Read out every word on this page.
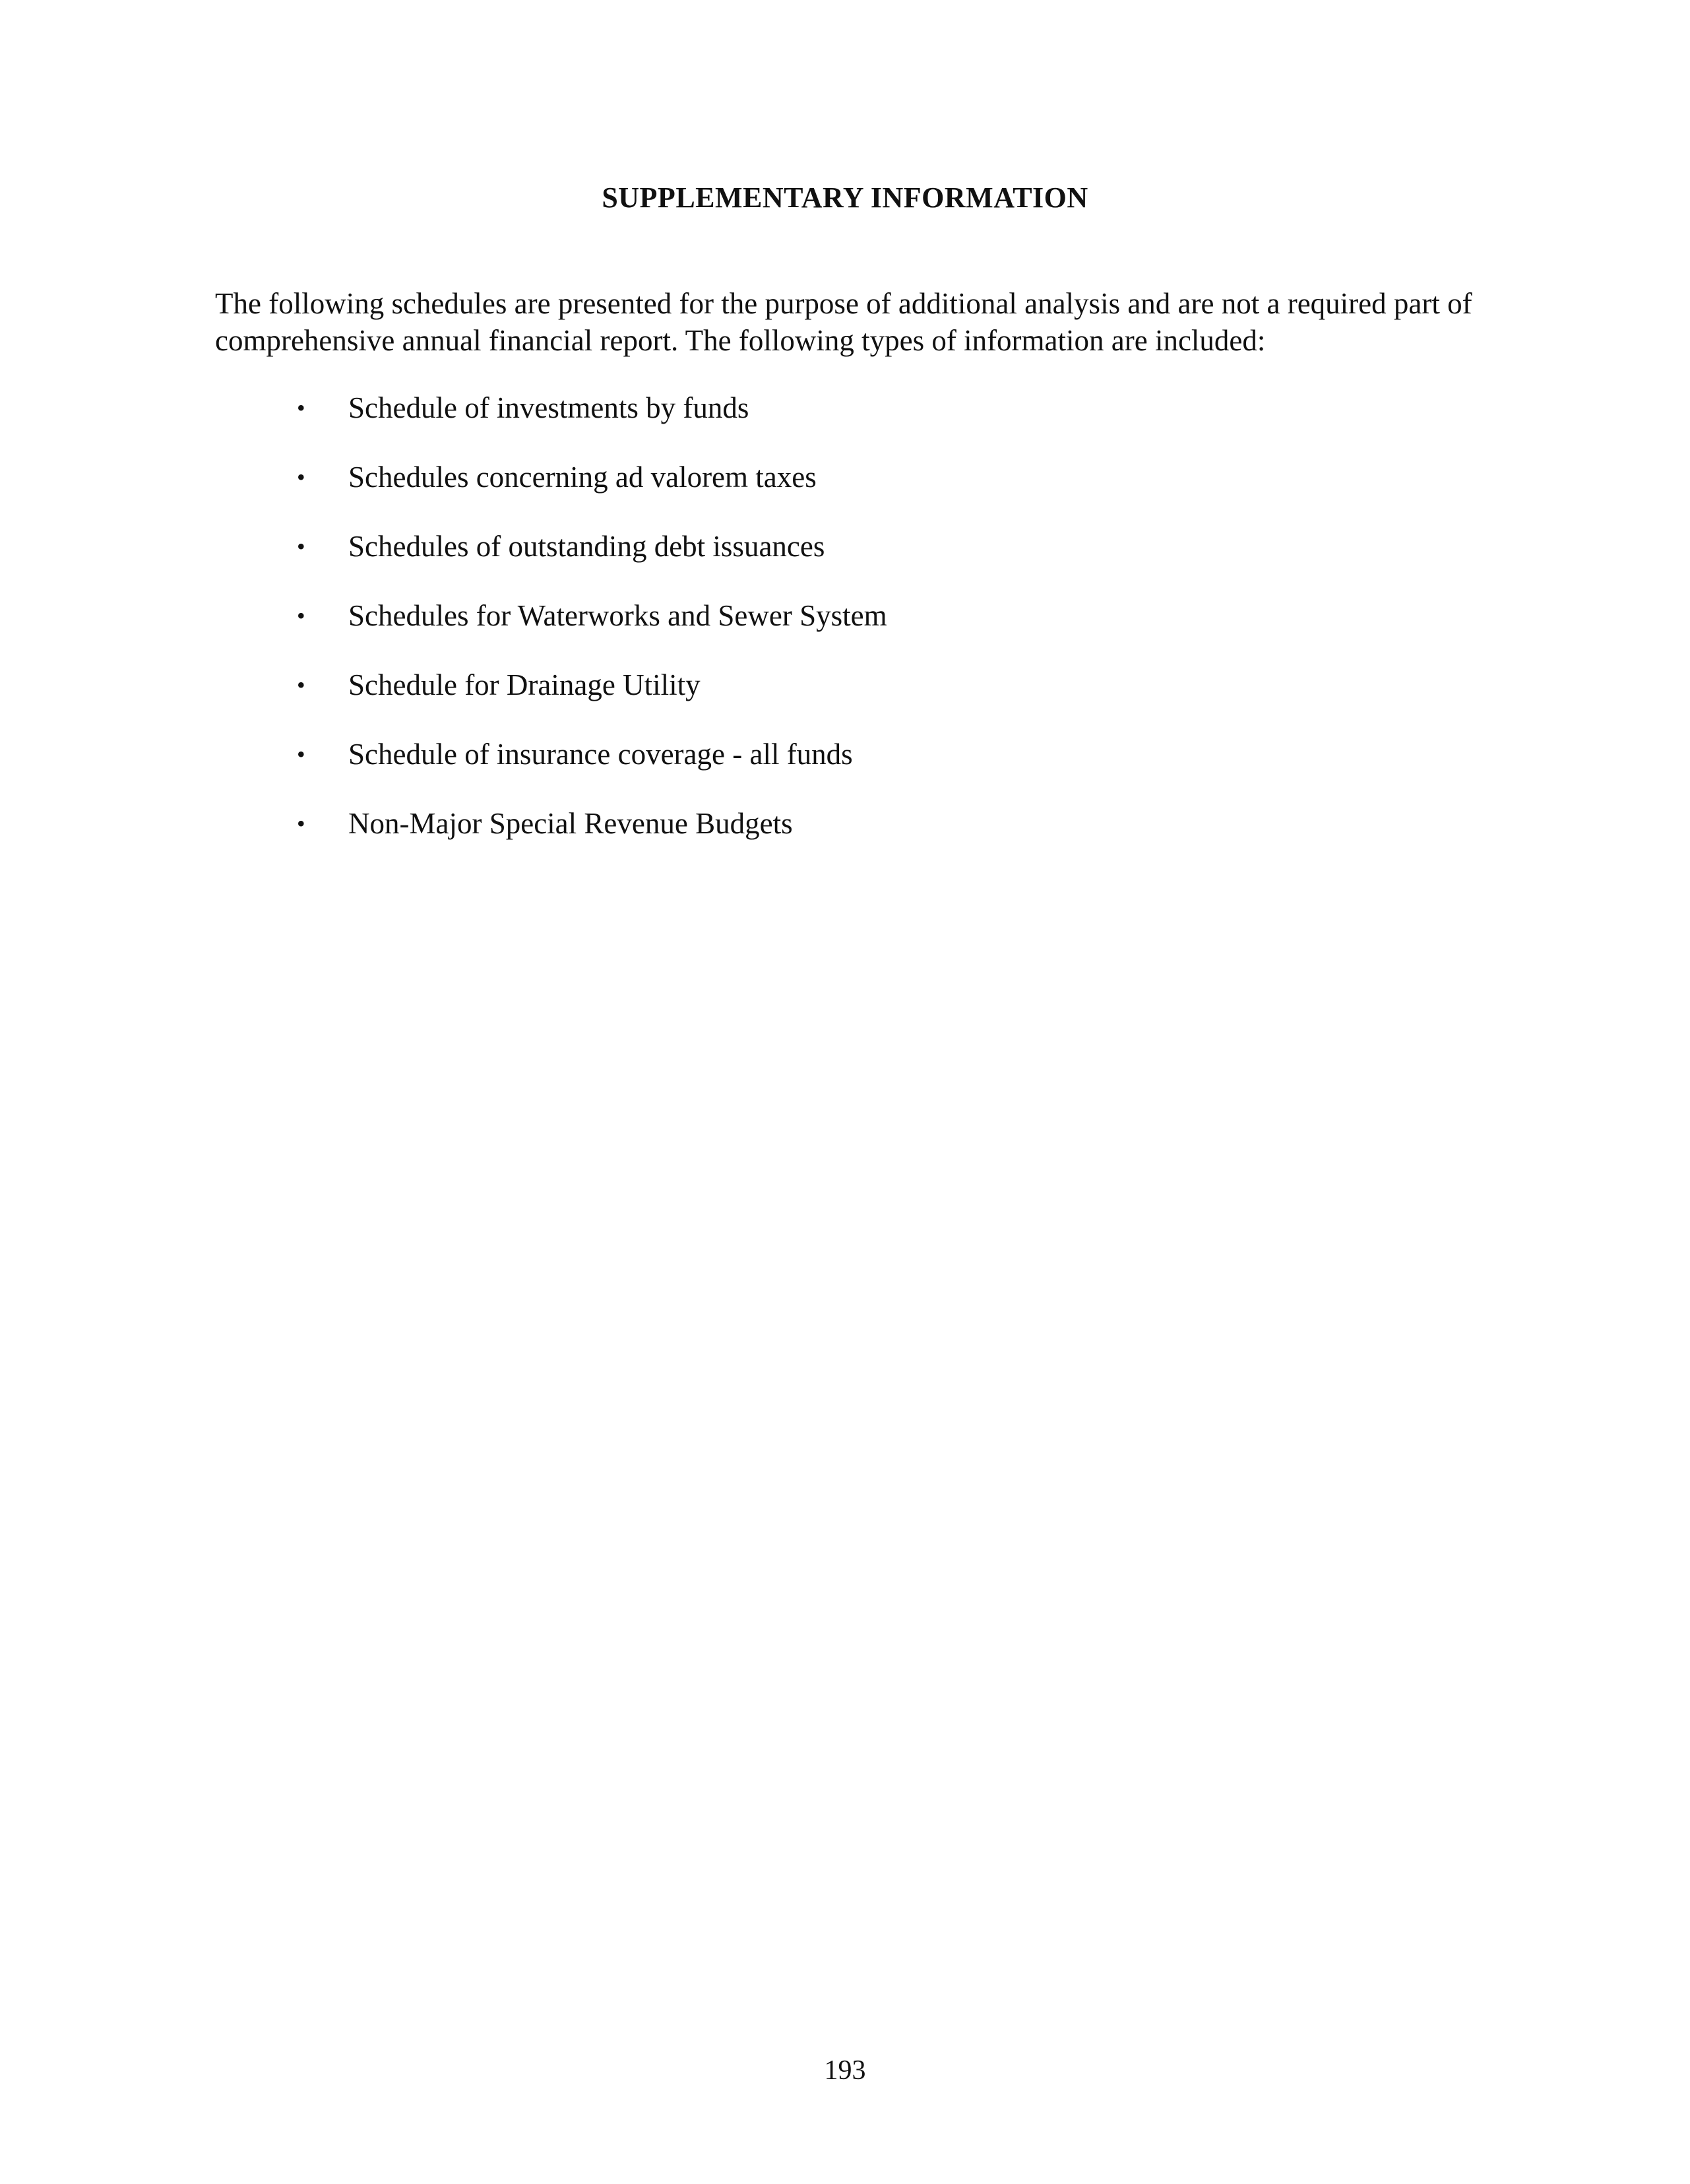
SUPPLEMENTARY INFORMATION

The following schedules are presented for the purpose of additional analysis and are not a required part of
comprehensive annual financial report. The following types of information are included:

• Schedule of investments by funds
• Schedules concerning ad valorem taxes
• Schedules of outstanding debt issuances
• Schedules for Waterworks and Sewer System
• Schedule for Drainage Utility
• Schedule of insurance coverage - all funds
• Non-Major Special Revenue Budgets
193
